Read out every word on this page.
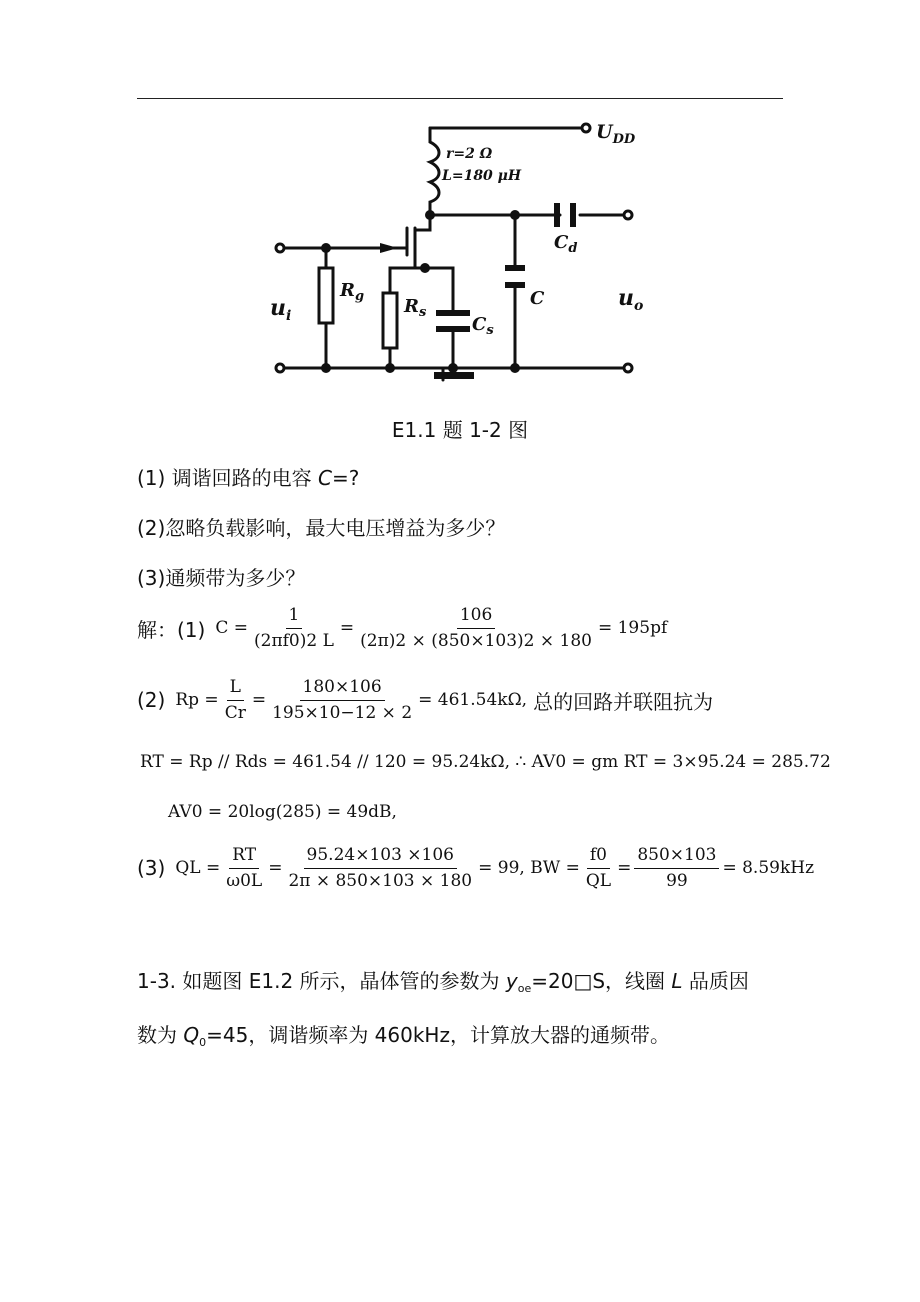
$U_{DD}$
r=2 Ω
L=180 μH
$R_g$ $R_s$
$C_s$
C
$C_d$
$u_i$
$u_o$
E1.1 题 1-2 图
(1) 调谐回路的电容 C=?
(2)忽略负载影响，最大电压增益为多少？
(3)通频带为多少？
解：(1) $C = \frac{1}{(2\pi f0)2 L} = \frac{106}{(2\pi)2 \times (850\times 103)2 \times 180} = 195pf$
(2) $Rp = \frac{L}{Cr} = \frac{180\times 106}{195\times 10-12 \times 2} = 461.54k\Omega$, 总的回路并联阻抗为
RT = Rp // Rds = 461.54 // 120 = 95.24kΩ, ∴ AV0 = gm RT = 3×95.24 = 285.72
AV0 = 20log(285) = 49dB,
(3) QL = $\frac{RT}{\omega 0L} = \frac{95.24\times 103 \times 106}{2\pi \times 850\times 103 \times 180} = 99$, BW = $\frac{f0}{QL} = \frac{850\times 103}{99} = 8.59kHz$
1-3. 如题图 E1.2 所示，晶体管的参数为 $y_{oe}=20□S$，线圈 L 品质因
数为 $Q_0=45$，调谐频率为 460kHz，计算放大器的通频带。
